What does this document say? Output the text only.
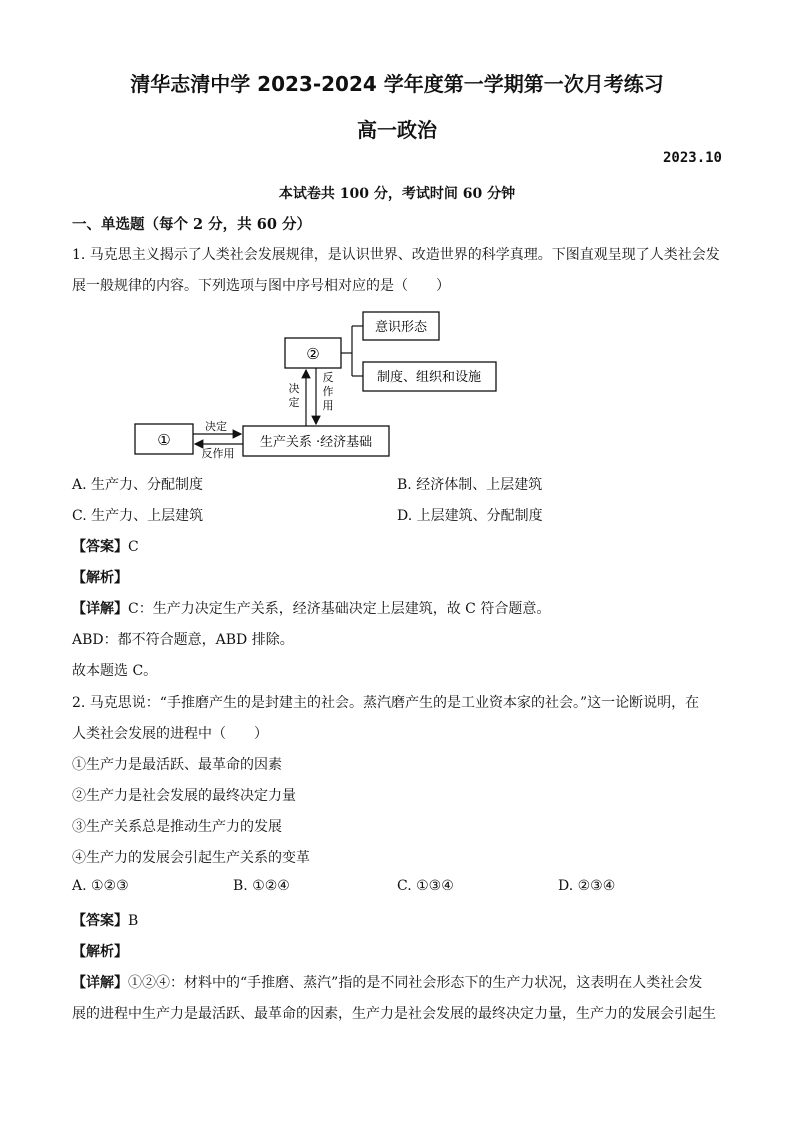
清华志清中学 2023-2024 学年度第一学期第一次月考练习
高一政治
2023.10
本试卷共 100 分，考试时间 60 分钟
一、单选题（每个 2 分，共 60 分）
1. 马克思主义揭示了人类社会发展规律，是认识世界、改造世界的科学真理。下图直观呈现了人类社会发
展一般规律的内容。下列选项与图中序号相对应的是（　　）
①	生产关系 ·经济基础
②
意识形态
制度、组织和设施
决定
反作用
决
定
反
作
用
A. 生产力、分配制度	B. 经济体制、上层建筑
C. 生产力、上层建筑	D. 上层建筑、分配制度
【答案】C
【解析】
【详解】C：生产力决定生产关系，经济基础决定上层建筑，故 C 符合题意。
ABD：都不符合题意，ABD 排除。
故本题选 C。
2. 马克思说：“手推磨产生的是封建主的社会。蒸汽磨产生的是工业资本家的社会。”这一论断说明，在
人类社会发展的进程中（　　）
①生产力是最活跃、最革命的因素
②生产力是社会发展的最终决定力量
③生产关系总是推动生产力的发展
④生产力的发展会引起生产关系的变革
A. ①②③	B. ①②④	C. ①③④	D. ②③④
【答案】B
【解析】
【详解】①②④：材料中的“手推磨、蒸汽”指的是不同社会形态下的生产力状况，这表明在人类社会发
展的进程中生产力是最活跃、最革命的因素，生产力是社会发展的最终决定力量，生产力的发展会引起生
